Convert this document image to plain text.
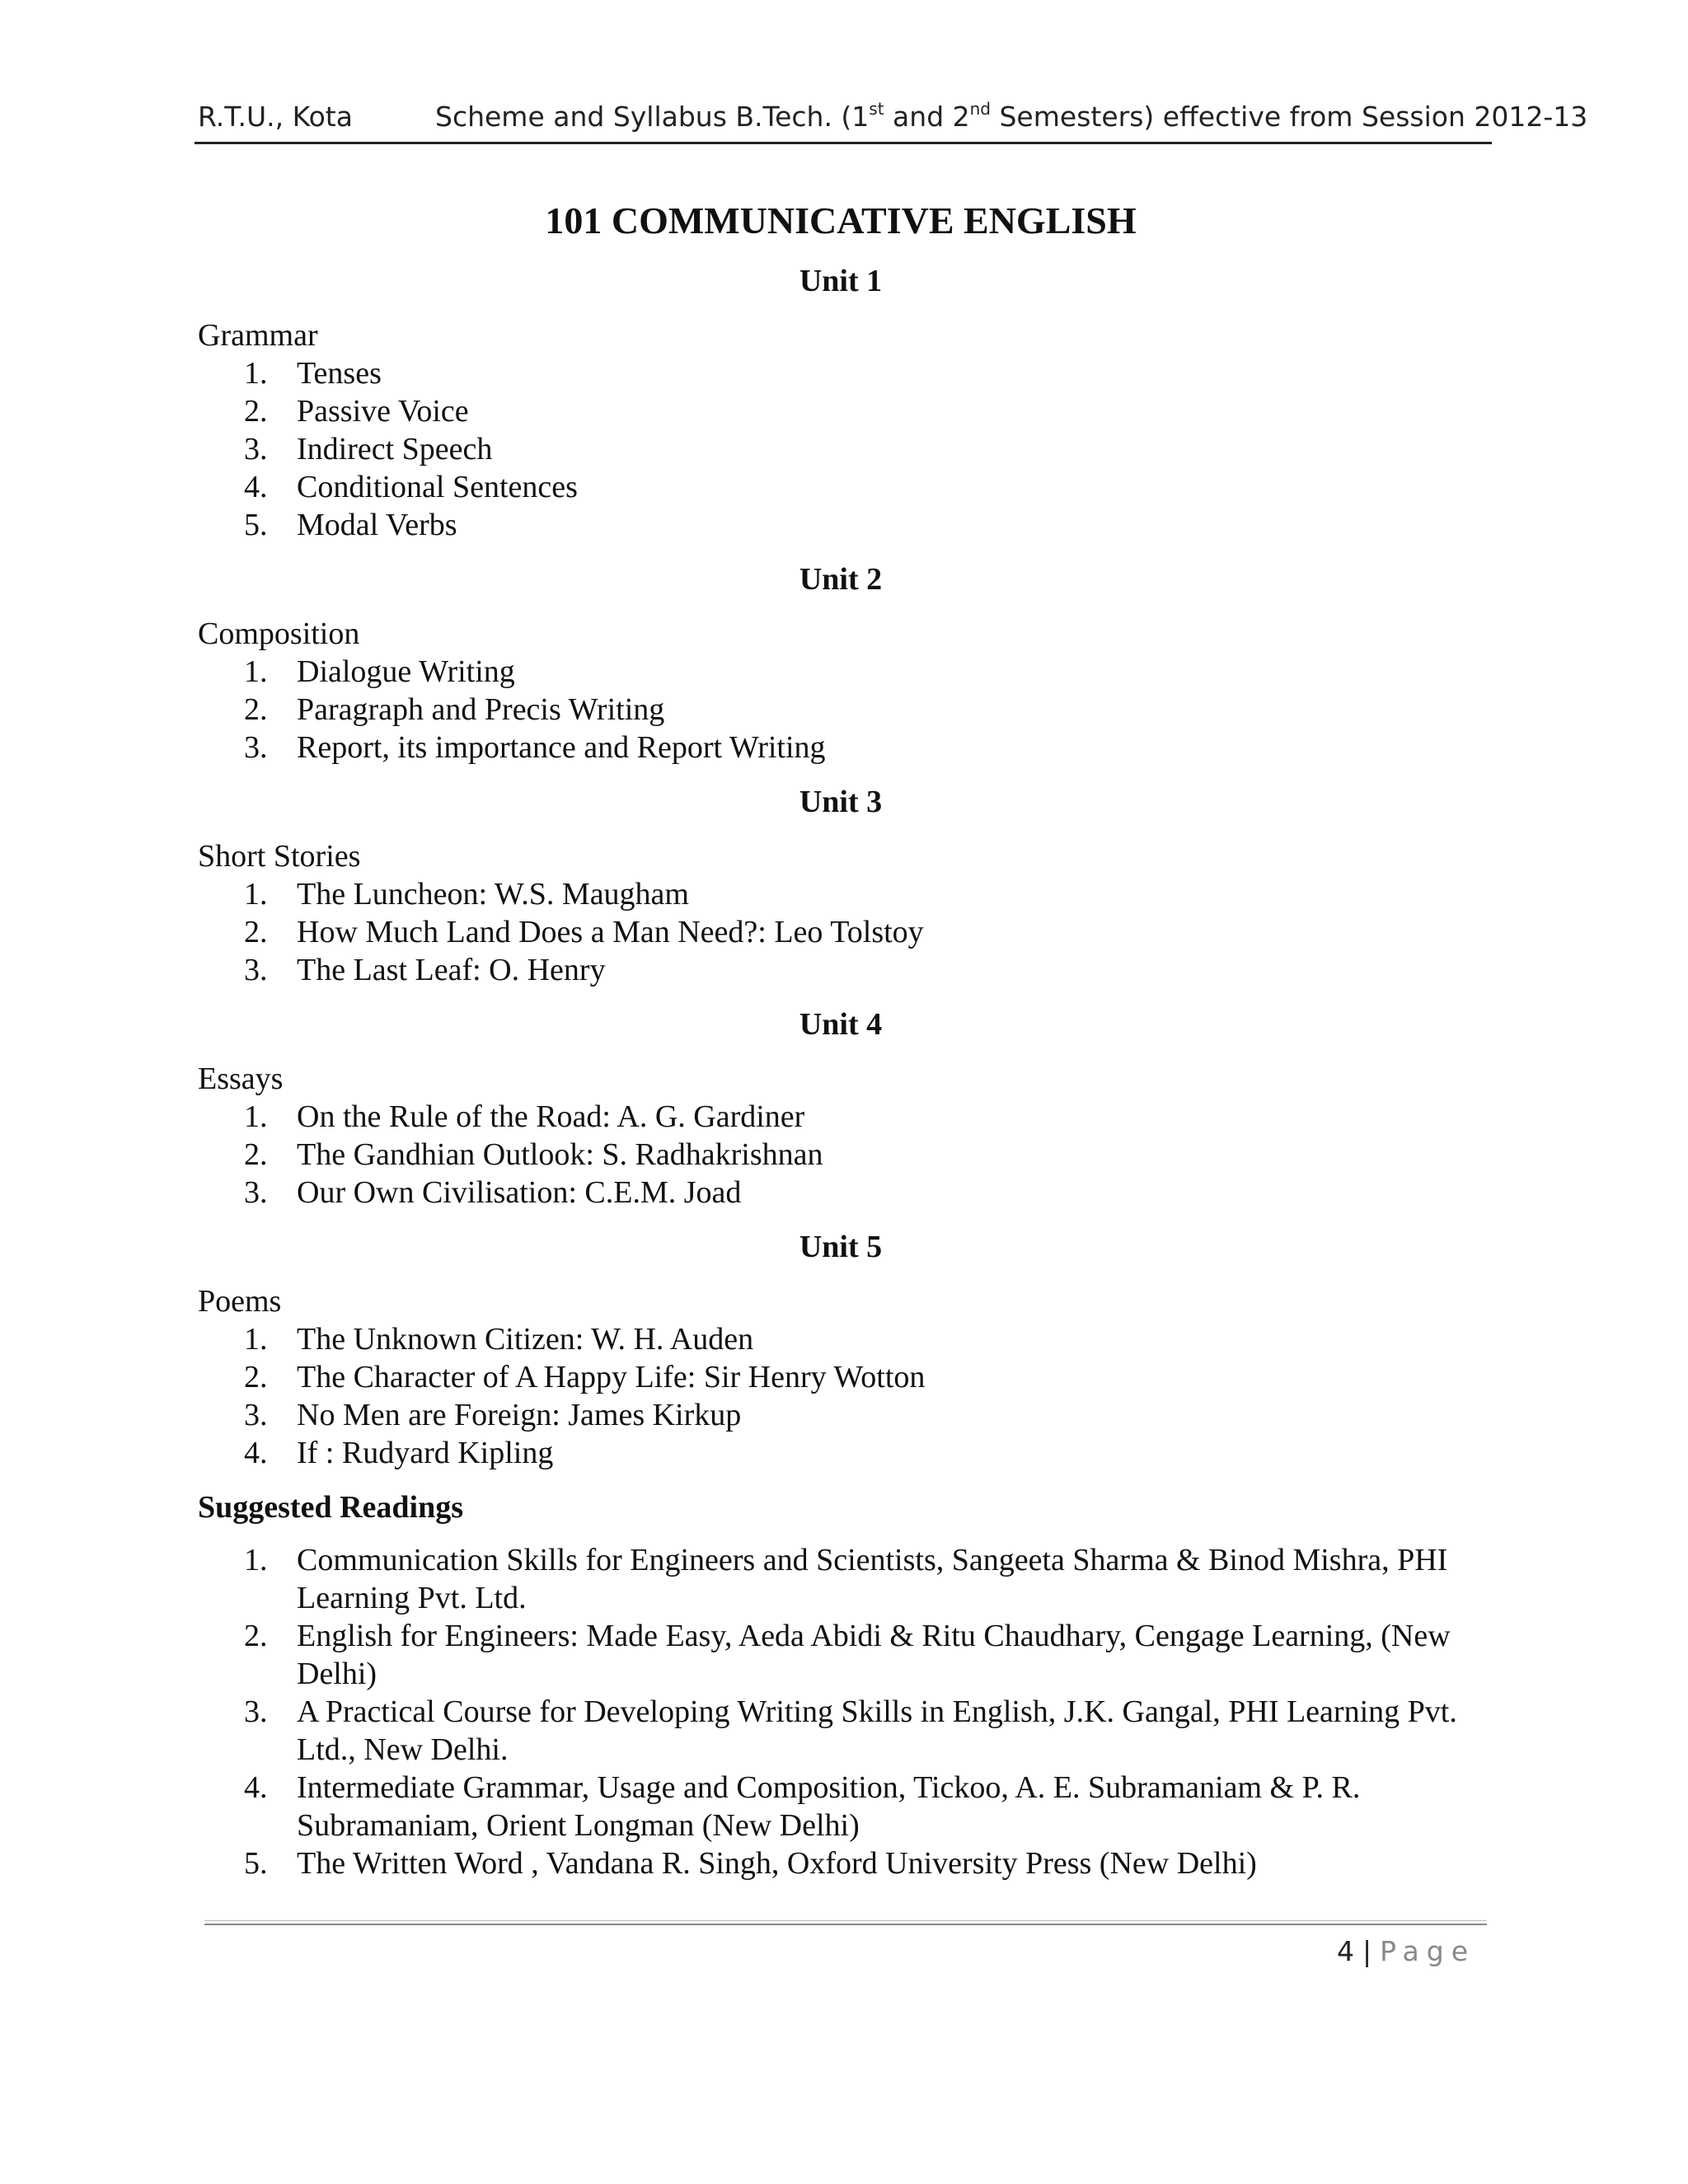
R.T.U., Kota	Scheme and Syllabus B.Tech. (1st and 2nd Semesters) effective from Session 2012-13
101 COMMUNICATIVE ENGLISH
Unit 1
Grammar
1. Tenses
2. Passive Voice
3. Indirect Speech
4. Conditional Sentences
5. Modal Verbs
Unit 2
Composition
1. Dialogue Writing
2. Paragraph and Precis Writing
3. Report, its importance and Report Writing
Unit 3
Short Stories
1. The Luncheon: W.S. Maugham
2. How Much Land Does a Man Need?: Leo Tolstoy
3. The Last Leaf: O. Henry
Unit 4
Essays
1. On the Rule of the Road: A. G. Gardiner
2. The Gandhian Outlook: S. Radhakrishnan
3. Our Own Civilisation: C.E.M. Joad
Unit 5
Poems
1. The Unknown Citizen: W. H. Auden
2. The Character of A Happy Life: Sir Henry Wotton
3. No Men are Foreign: James Kirkup
4. If : Rudyard Kipling
Suggested Readings
1. Communication Skills for Engineers and Scientists, Sangeeta Sharma & Binod Mishra, PHI Learning Pvt. Ltd.
2. English for Engineers: Made Easy, Aeda Abidi & Ritu Chaudhary, Cengage Learning, (New Delhi)
3. A Practical Course for Developing Writing Skills in English, J.K. Gangal, PHI Learning Pvt. Ltd., New Delhi.
4. Intermediate Grammar, Usage and Composition, Tickoo, A. E. Subramaniam & P. R. Subramaniam, Orient Longman (New Delhi)
5. The Written Word , Vandana R. Singh, Oxford University Press (New Delhi)
4 | Page
